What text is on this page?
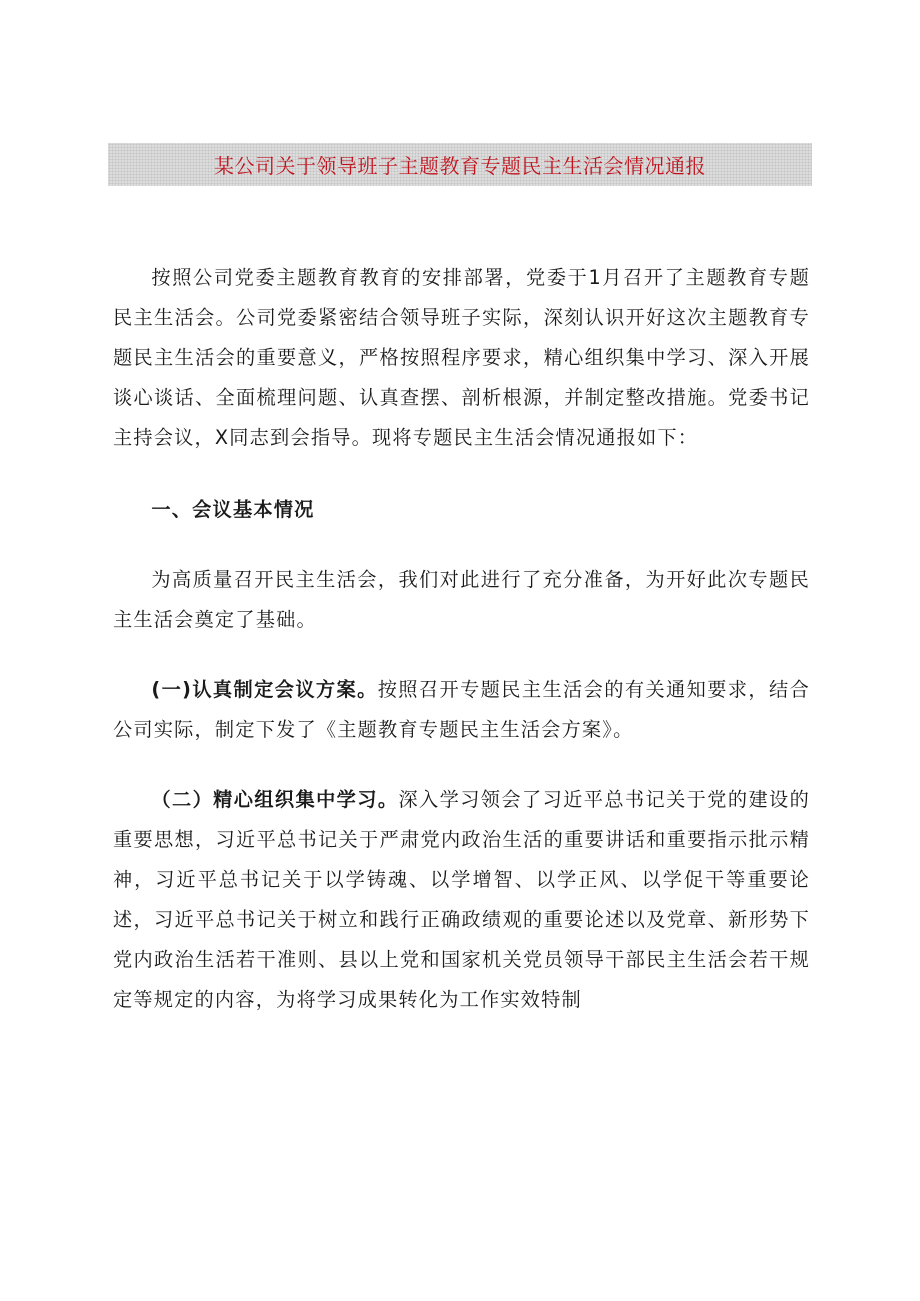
某公司关于领导班子主题教育专题民主生活会情况通报

按照公司党委主题教育教育的安排部署，党委于1月召开了主题教育专题民主生活会。公司党委紧密结合领导班子实际，深刻认识开好这次主题教育专题民主生活会的重要意义，严格按照程序要求，精心组织集中学习、深入开展谈心谈话、全面梳理问题、认真查摆、剖析根源，并制定整改措施。党委书记主持会议，X同志到会指导。现将专题民主生活会情况通报如下：

一、会议基本情况

为高质量召开民主生活会，我们对此进行了充分准备，为开好此次专题民主生活会奠定了基础。

(一)认真制定会议方案。按照召开专题民主生活会的有关通知要求，结合公司实际，制定下发了《主题教育专题民主生活会方案》。

（二）精心组织集中学习。深入学习领会了习近平总书记关于党的建设的重要思想，习近平总书记关于严肃党内政治生活的重要讲话和重要指示批示精神，习近平总书记关于以学铸魂、以学增智、以学正风、以学促干等重要论述，习近平总书记关于树立和践行正确政绩观的重要论述以及党章、新形势下党内政治生活若干准则、县以上党和国家机关党员领导干部民主生活会若干规定等规定的内容，为将学习成果转化为工作实效特制
